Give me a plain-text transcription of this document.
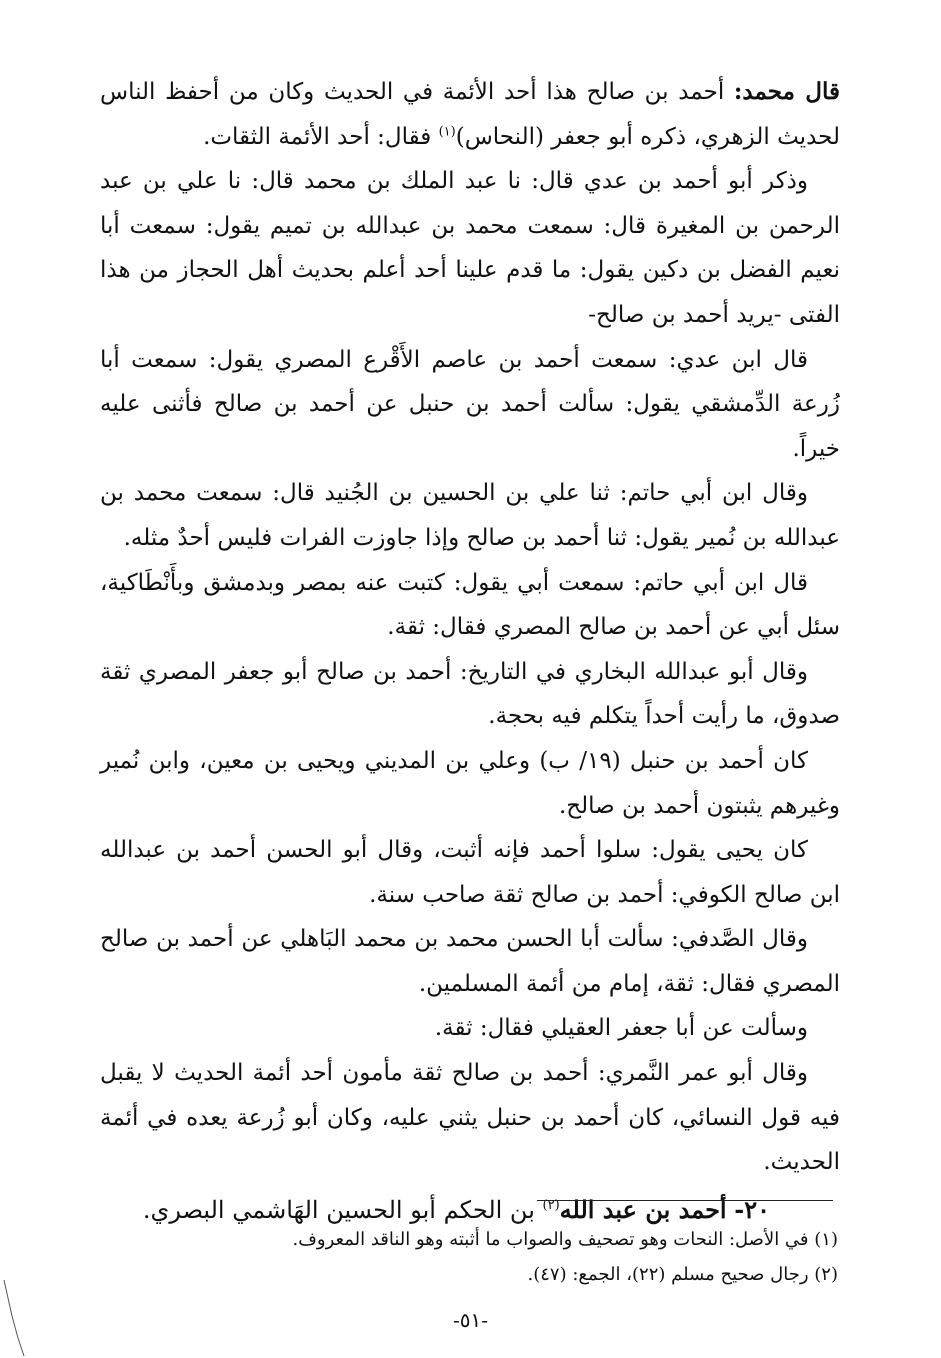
قال محمد: أحمد بن صالح هذا أحد الأئمة في الحديث وكان من أحفظ الناس لحديث الزهري، ذكره أبو جعفر (النحاس)$^{(١)}$ فقال: أحد الأئمة الثقات.

وذكر أبو أحمد بن عدي قال: نا عبد الملك بن محمد قال: نا علي بن عبد الرحمن بن المغيرة قال: سمعت محمد بن عبدالله بن تميم يقول: سمعت أبا نعيم الفضل بن دكين يقول: ما قدم علينا أحد أعلم بحديث أهل الحجاز من هذا الفتى -يريد أحمد بن صالح-

قال ابن عدي: سمعت أحمد بن عاصم الأَقْرع المصري يقول: سمعت أبا زُرعة الدِّمشقي يقول: سألت أحمد بن حنبل عن أحمد بن صالح فأثنى عليه خيراً.

وقال ابن أبي حاتم: ثنا علي بن الحسين بن الجُنيد قال: سمعت محمد بن عبدالله بن نُمير يقول: ثنا أحمد بن صالح وإذا جاوزت الفرات فليس أحدٌ مثله.

قال ابن أبي حاتم: سمعت أبي يقول: كتبت عنه بمصر وبدمشق وبأَنْطَاكية، سئل أبي عن أحمد بن صالح المصري فقال: ثقة.

وقال أبو عبدالله البخاري في التاريخ: أحمد بن صالح أبو جعفر المصري ثقة صدوق، ما رأيت أحداً يتكلم فيه بحجة.

كان أحمد بن حنبل (١٩/ ب) وعلي بن المديني ويحيى بن معين، وابن نُمير وغيرهم يثبتون أحمد بن صالح.

كان يحيى يقول: سلوا أحمد فإنه أثبت، وقال أبو الحسن أحمد بن عبدالله ابن صالح الكوفي: أحمد بن صالح ثقة صاحب سنة.

وقال الصَّدفي: سألت أبا الحسن محمد بن محمد البَاهلي عن أحمد بن صالح المصري فقال: ثقة، إمام من أئمة المسلمين.

وسألت عن أبا جعفر العقيلي فقال: ثقة.

وقال أبو عمر النَّمري: أحمد بن صالح ثقة مأمون أحد أئمة الحديث لا يقبل فيه قول النسائي، كان أحمد بن حنبل يثني عليه، وكان أبو زُرعة يعده في أئمة الحديث.

٢٠- أحمد بن عبد الله$^{(٢)}$ بن الحكم أبو الحسين الهَاشمي البصري.

(١) في الأصل: النحات وهو تصحيف والصواب ما أثبته وهو الناقد المعروف.

(٢) رجال صحيح مسلم (٢٢)، الجمع: (٤٧).

-٥١-
